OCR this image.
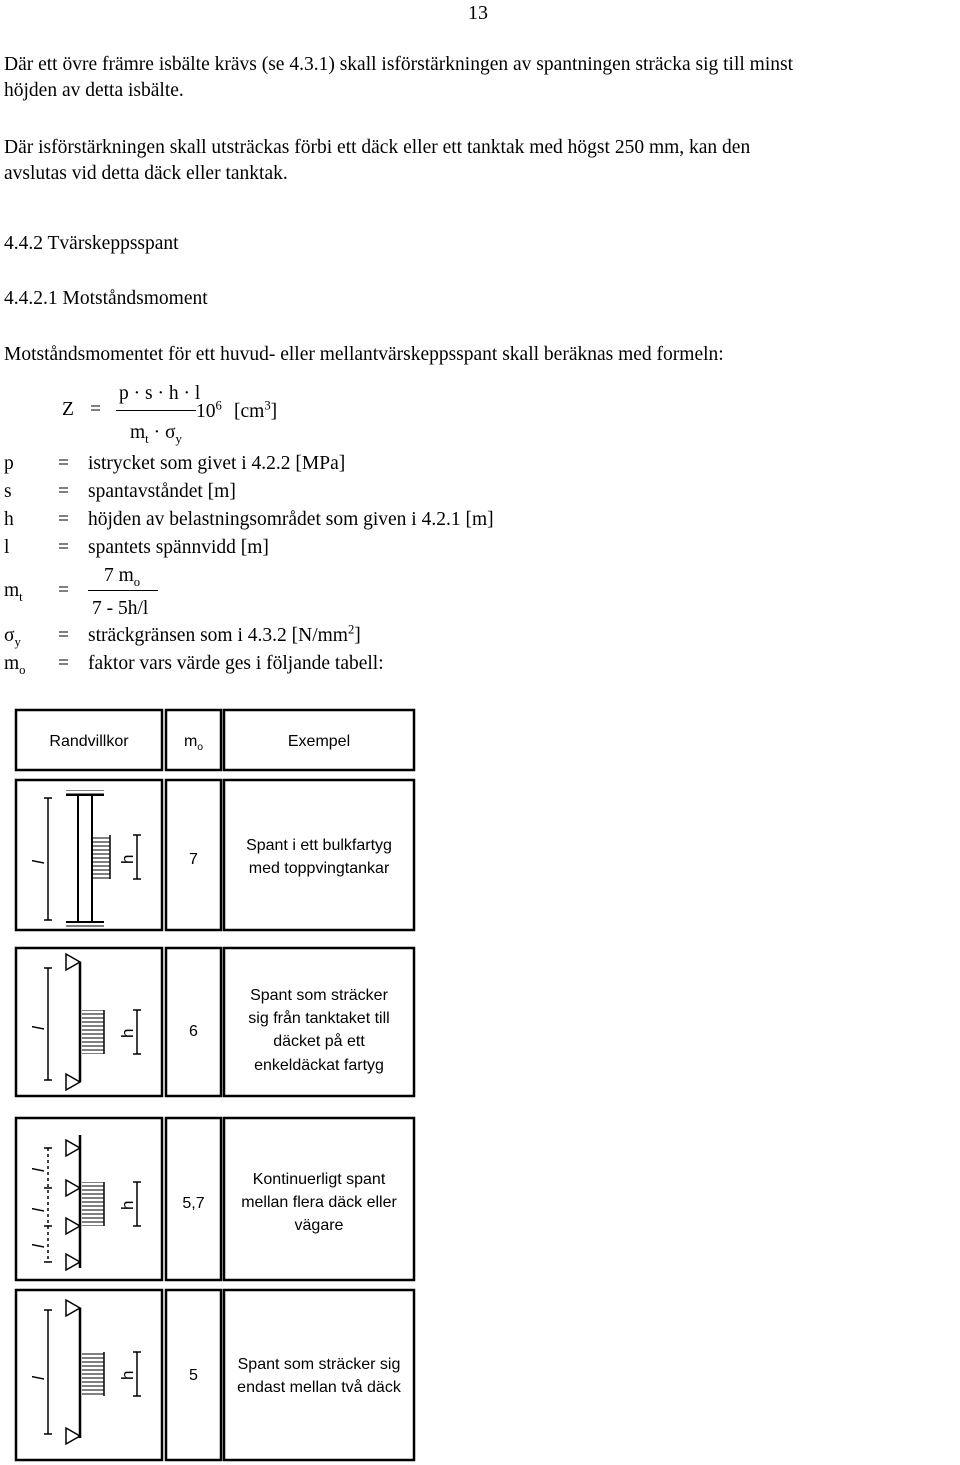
13
Där ett övre främre isbälte krävs (se 4.3.1) skall isförstärkningen av spantningen sträcka sig till minst
höjden av detta isbälte.
Där isförstärkningen skall utsträckas förbi ett däck eller ett tanktak med högst 250 mm, kan den
avslutas vid detta däck eller tanktak.
4.4.2 Tvärskeppsspant
4.4.2.1 Motståndsmoment
Motståndsmomentet för ett huvud- eller mellantvärskeppsspant skall beräknas med formeln:
Z =
p · s · h · l
$m_t \cdot \sigma_y$
$10^6$ $[cm^3]$
p = istrycket som givet i 4.2.2 [MPa]
s = spantavståndet [m]
h = höjden av belastningsområdet som given i 4.2.1 [m]
l = spantets spännvidd [m]
$m_t$ =
7 $m_o$
7 - 5h/l
$\sigma_y$ = sträckgränsen som i 4.3.2 $[N/mm^2]$
$m_o$ = faktor vars värde ges i följande tabell:
l
l
l
l
l
l
h
h
h
h
Randvillkor	$m_o$	Exempel
7
Spant i ett bulkfartyg
med toppvingtankar
6
Spant som sträcker
sig från tanktaket till
däcket på ett
enkeldäckat fartyg
5,7
Kontinuerligt spant
mellan flera däck eller
vägare
5
Spant som sträcker sig
endast mellan två däck
